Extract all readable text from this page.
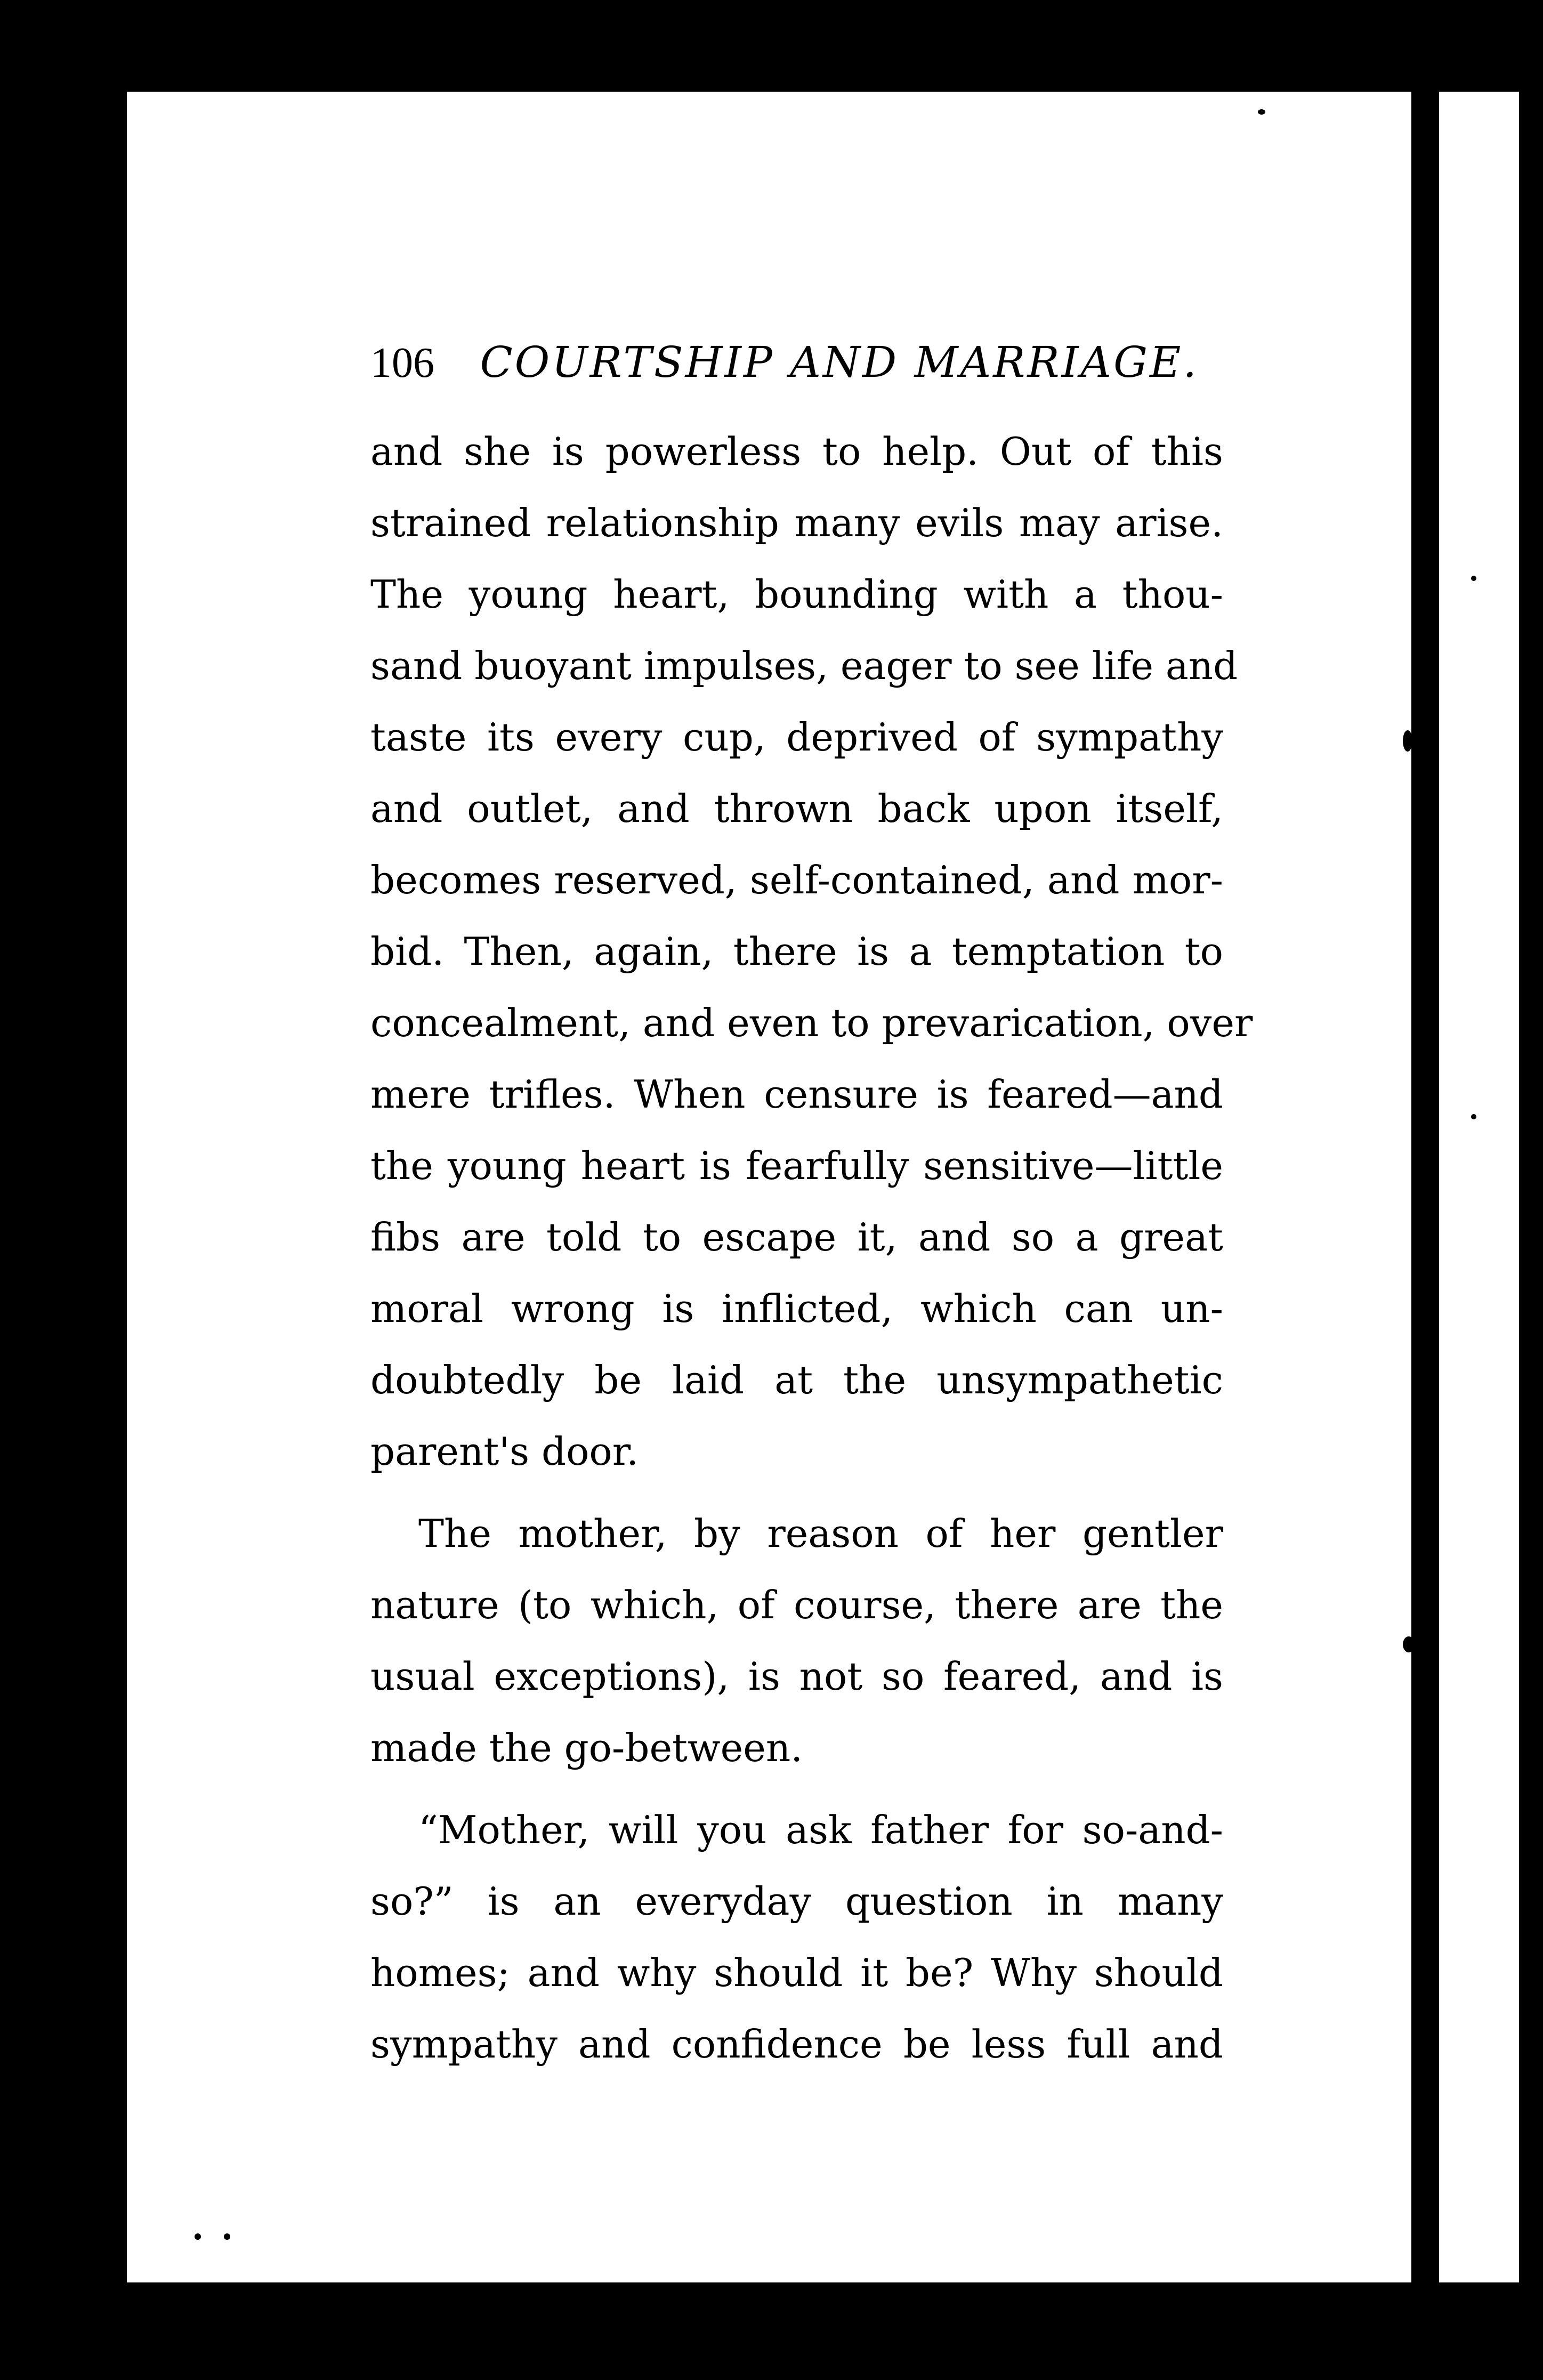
106 COURTSHIP AND MARRIAGE.
and she is powerless to help. Out of this
strained relationship many evils may arise.
The young heart, bounding with a thou-
sand buoyant impulses, eager to see life and
taste its every cup, deprived of sympathy
and outlet, and thrown back upon itself,
becomes reserved, self-contained, and mor-
bid. Then, again, there is a temptation to
concealment, and even to prevarication, over
mere trifles. When censure is feared—and
the young heart is fearfully sensitive—little
fibs are told to escape it, and so a great
moral wrong is inflicted, which can un-
doubtedly be laid at the unsympathetic
parent's door.
The mother, by reason of her gentler
nature (to which, of course, there are the
usual exceptions), is not so feared, and is
made the go-between.
“Mother, will you ask father for so-and-
so?” is an everyday question in many
homes; and why should it be? Why should
sympathy and confidence be less full and
